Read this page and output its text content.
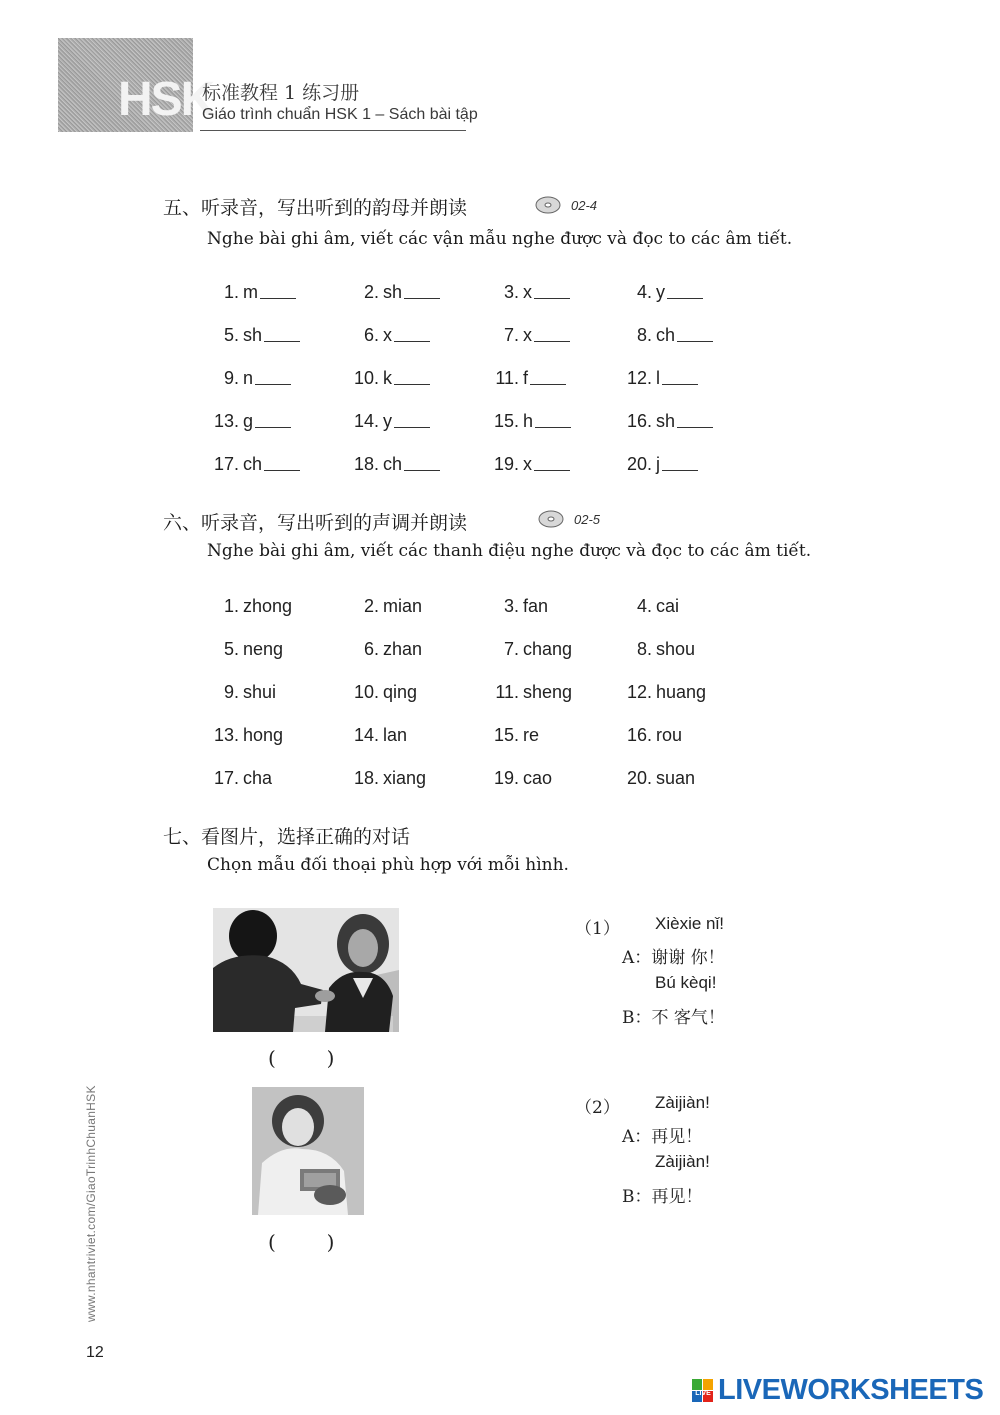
HSK
标准教程 1 练习册
Giáo trình chuẩn HSK 1 – Sách bài tập
五、听录音，写出听到的韵母并朗读	02-4
Nghe bài ghi âm, viết các vận mẫu nghe được và đọc to các âm tiết.
1. m	2. sh	3. x	4. y
5. sh	6. x	7. x	8. ch
9. n	10. k	11. f	12. l
13. g	14. y	15. h	16. sh
17. ch	18. ch	19. x	20. j
六、听录音，写出听到的声调并朗读	02-5
Nghe bài ghi âm, viết các thanh điệu nghe được và đọc to các âm tiết.
1. zhong	2. mian	3. fan	4. cai
5. neng	6. zhan	7. chang	8. shou
9. shui	10. qing	11. sheng	12. huang
13. hong	14. lan	15. re	16. rou
17. cha	18. xiang	19. cao	20. suan
七、看图片，选择正确的对话
Chọn mẫu đối thoại phù hợp với mỗi hình.
(        )
(        )
（1） Xièxie nǐ!
A：谢谢 你！
Bú kèqi!
B：不 客气！
（2） Zàijiàn!
A：再见！
Zàijiàn!
B：再见！
www.nhantriviet.com/GiaoTrinhChuanHSK
12
LIVE LIVEWORKSHEETS
